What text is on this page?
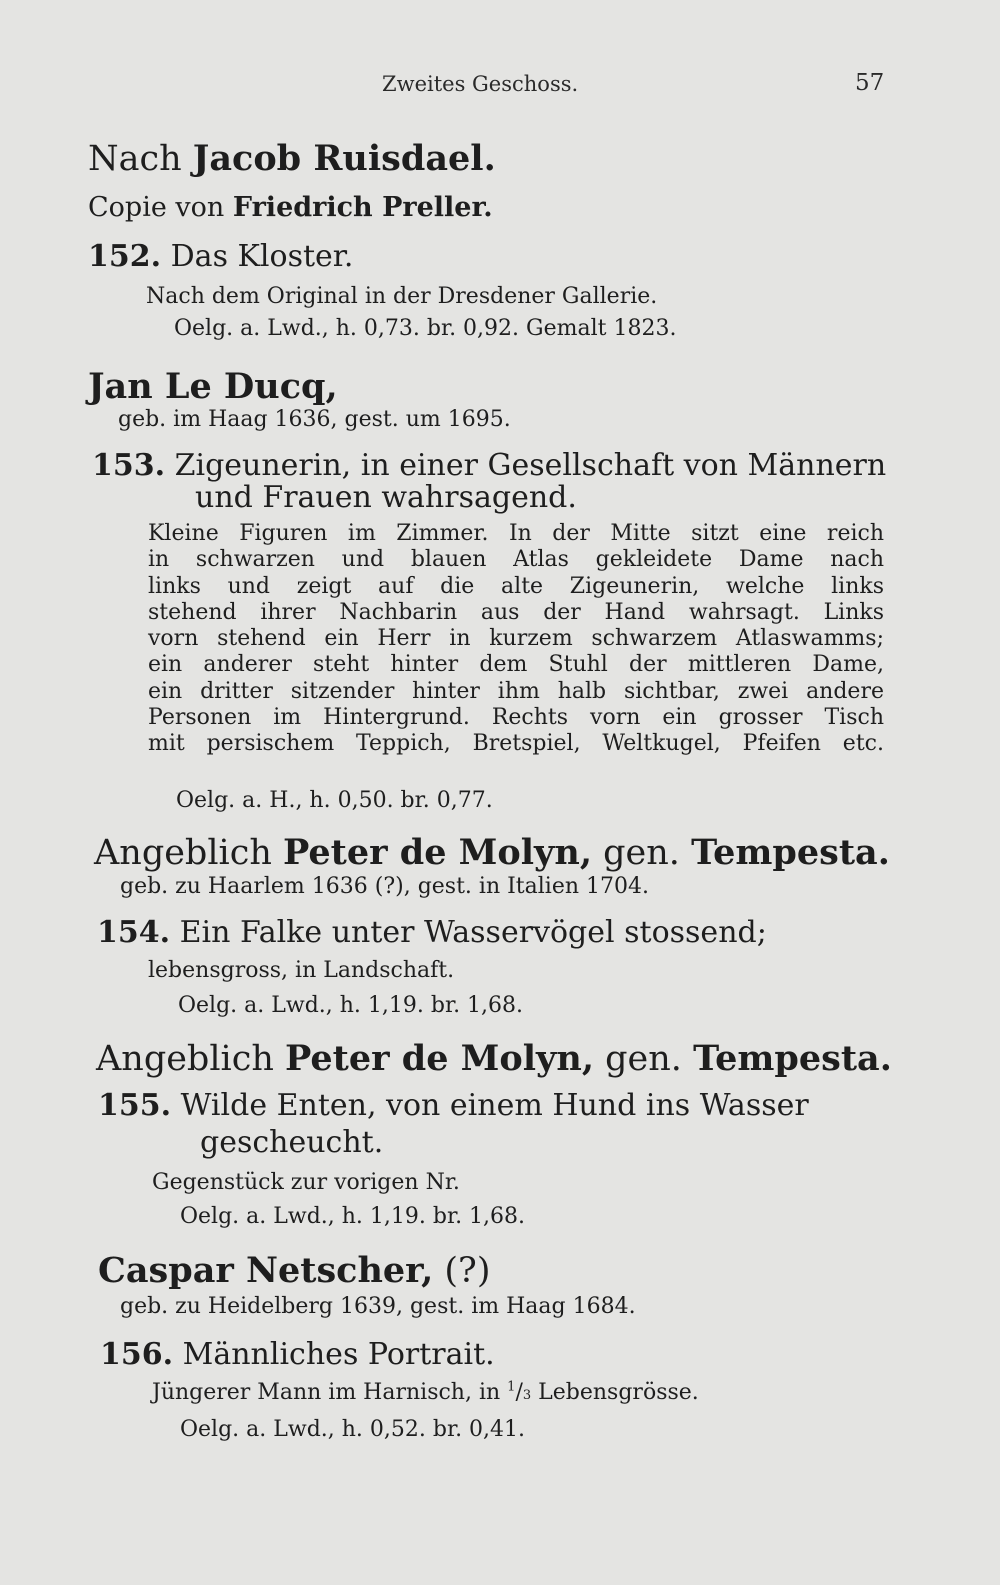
Zweites Geschoss.	57

Nach Jacob Ruisdael.

Copie von Friedrich Preller.

152. Das Kloster.

Nach dem Original in der Dresdener Gallerie.

Oelg. a. Lwd., h. 0,73. br. 0,92. Gemalt 1823.

Jan Le Ducq,

geb. im Haag 1636, gest. um 1695.

153. Zigeunerin, in einer Gesellschaft von Männern

und Frauen wahrsagend.

Kleine Figuren im Zimmer. In der Mitte sitzt eine reich
in schwarzen und blauen Atlas gekleidete Dame nach
links und zeigt auf die alte Zigeunerin, welche links
stehend ihrer Nachbarin aus der Hand wahrsagt. Links
vorn stehend ein Herr in kurzem schwarzem Atlaswamms;
ein anderer steht hinter dem Stuhl der mittleren Dame,
ein dritter sitzender hinter ihm halb sichtbar, zwei andere
Personen im Hintergrund. Rechts vorn ein grosser Tisch
mit persischem Teppich, Bretspiel, Weltkugel, Pfeifen etc.

Oelg. a. H., h. 0,50. br. 0,77.

Angeblich Peter de Molyn, gen. Tempesta.

geb. zu Haarlem 1636 (?), gest. in Italien 1704.

154. Ein Falke unter Wasservögel stossend;

lebensgross, in Landschaft.

Oelg. a. Lwd., h. 1,19. br. 1,68.

Angeblich Peter de Molyn, gen. Tempesta.

155. Wilde Enten, von einem Hund ins Wasser

gescheucht.

Gegenstück zur vorigen Nr.

Oelg. a. Lwd., h. 1,19. br. 1,68.

Caspar Netscher, (?)

geb. zu Heidelberg 1639, gest. im Haag 1684.

156. Männliches Portrait.

Jüngerer Mann im Harnisch, in $^1$/3 Lebensgrösse.

Oelg. a. Lwd., h. 0,52. br. 0,41.
